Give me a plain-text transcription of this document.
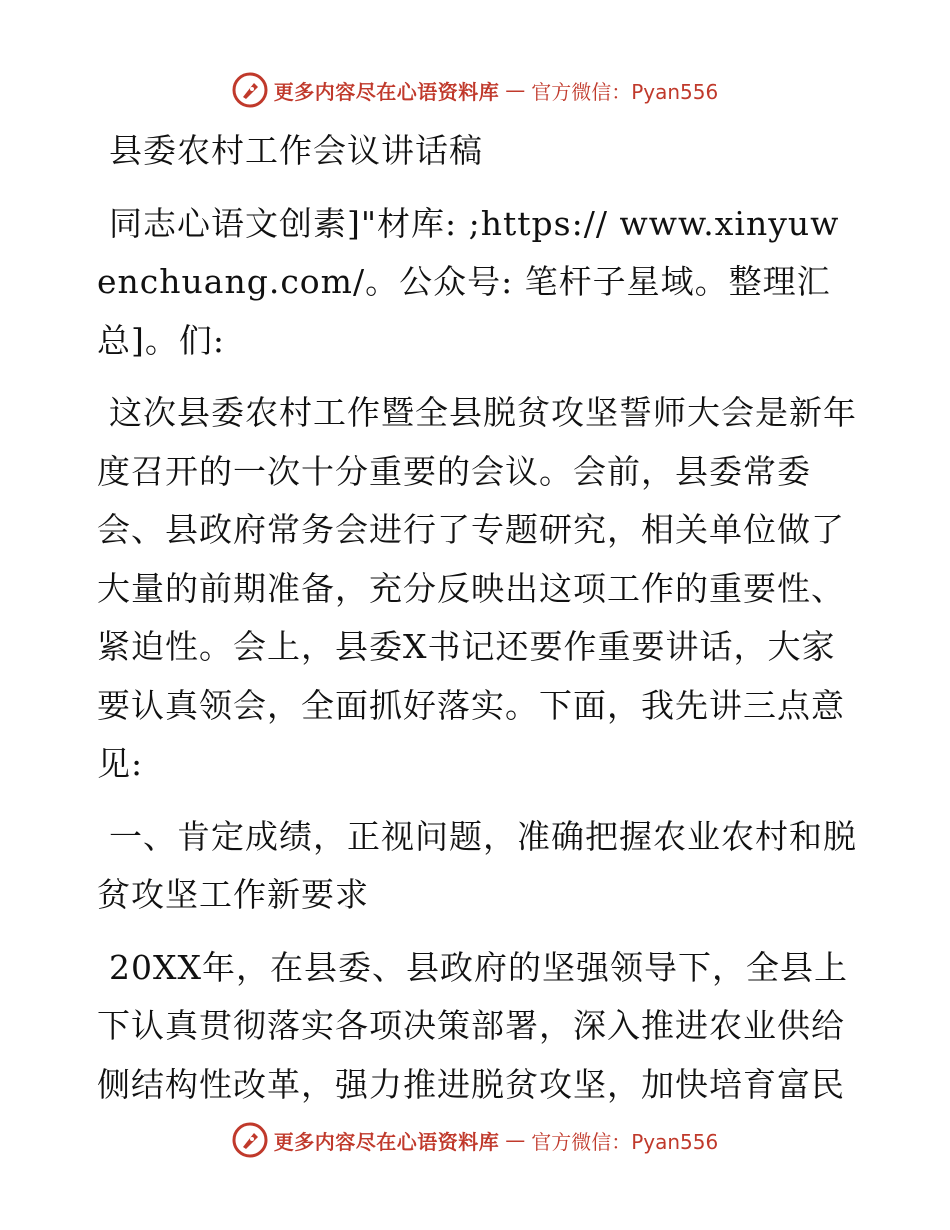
更多内容尽在心语资料库 — 官方微信：Pyan556

县委农村工作会议讲话稿

同志心语文创素]"材库: ;https:// www.xinyuwenchuang.com/。公众号: 笔杆子星域。整理汇总]。们:

这次县委农村工作暨全县脱贫攻坚誓师大会是新年度召开的一次十分重要的会议。会前，县委常委会、县政府常务会进行了专题研究，相关单位做了大量的前期准备，充分反映出这项工作的重要性、紧迫性。会上，县委X书记还要作重要讲话，大家要认真领会，全面抓好落实。下面，我先讲三点意见:

一、肯定成绩，正视问题，准确把握农业农村和脱贫攻坚工作新要求

20XX年，在县委、县政府的坚强领导下，全县上下认真贯彻落实各项决策部署，深入推进农业供给侧结构性改革，强力推进脱贫攻坚，加快培育富民

更多内容尽在心语资料库 — 官方微信：Pyan556
